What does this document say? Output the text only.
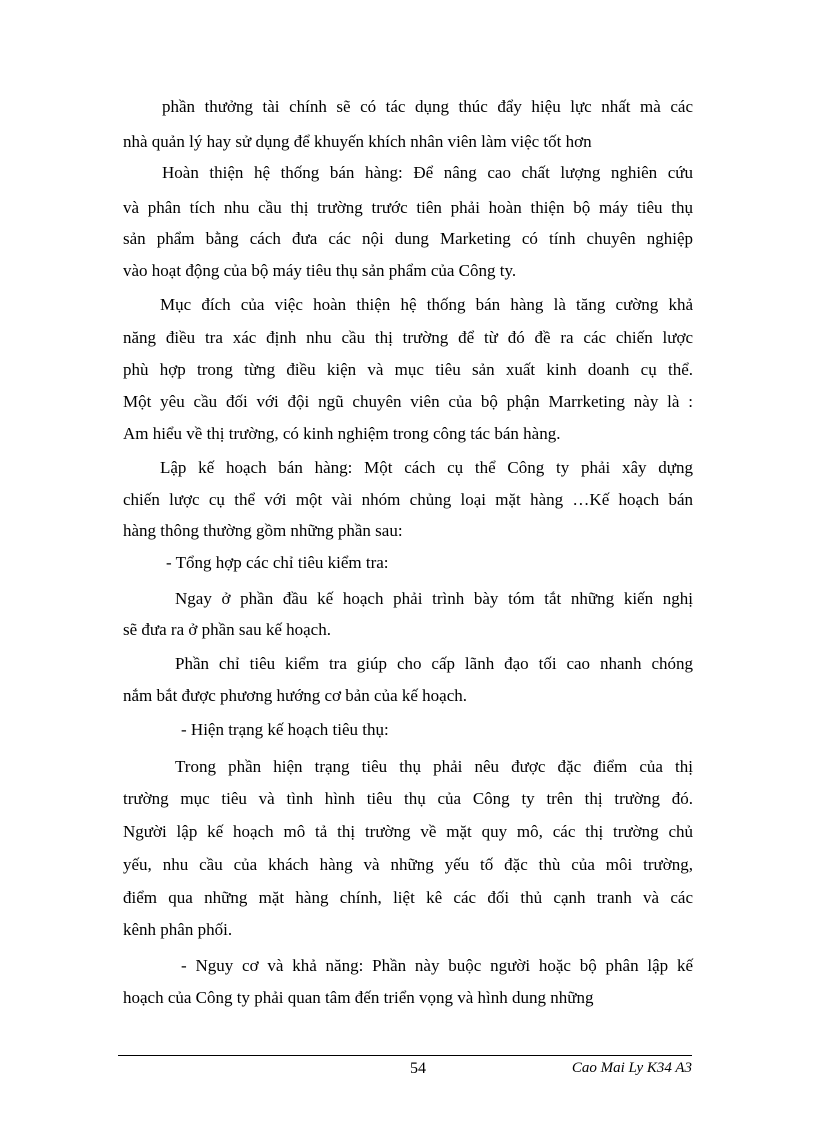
phần thưởng tài chính sẽ có tác dụng thúc đẩy hiệu lực nhất mà các
nhà quản lý hay sử dụng để khuyến khích nhân viên làm việc tốt hơn
Hoàn thiện hệ thống bán hàng: Để nâng cao chất lượng nghiên cứu
và phân tích nhu cầu thị trường trước tiên phải hoàn thiện bộ máy tiêu thụ
sản phẩm bằng cách đưa các nội dung Marketing có tính chuyên nghiệp
vào hoạt động của bộ máy tiêu thụ sản phẩm của Công ty.
Mục đích của việc hoàn thiện hệ thống bán hàng là tăng cường khả
năng điều tra xác định nhu cầu thị trường để từ đó đề ra các chiến lược
phù hợp trong từng điều kiện và mục tiêu sản xuất kinh doanh cụ thể.
Một yêu cầu đối với đội ngũ chuyên viên của bộ phận Marrketing này là :
Am hiểu về thị trường, có kinh nghiệm trong công tác bán hàng.
Lập kế hoạch bán hàng: Một cách cụ thể Công ty phải xây dựng
chiến lược cụ thể với một vài nhóm chủng loại mặt hàng …Kế hoạch bán
hàng thông thường gồm những phần sau:
- Tổng hợp các chỉ tiêu kiểm tra:
Ngay ở phần đầu kế hoạch phải trình bày tóm tắt những kiến nghị
sẽ đưa ra ở phần sau kế hoạch.
Phần chỉ tiêu kiểm tra giúp cho cấp lãnh đạo tối cao nhanh chóng
nắm bắt được phương hướng cơ bản của kế hoạch.
- Hiện trạng kế hoạch tiêu thụ:
Trong phần hiện trạng tiêu thụ phải nêu được đặc điểm của thị
trường mục tiêu và tình hình tiêu thụ của Công ty trên thị trường đó.
Người lập kế hoạch mô tả thị trường về mặt quy mô, các thị trường chủ
yếu, nhu cầu của khách hàng và những yếu tố đặc thù của môi trường,
điểm qua những mặt hàng chính, liệt kê các đối thủ cạnh tranh và các
kênh phân phối.
- Nguy cơ và khả năng: Phần này buộc người hoặc bộ phân lập kế
hoạch của Công ty phải quan tâm đến triển vọng và hình dung những
54	Cao Mai Ly K34 A3
